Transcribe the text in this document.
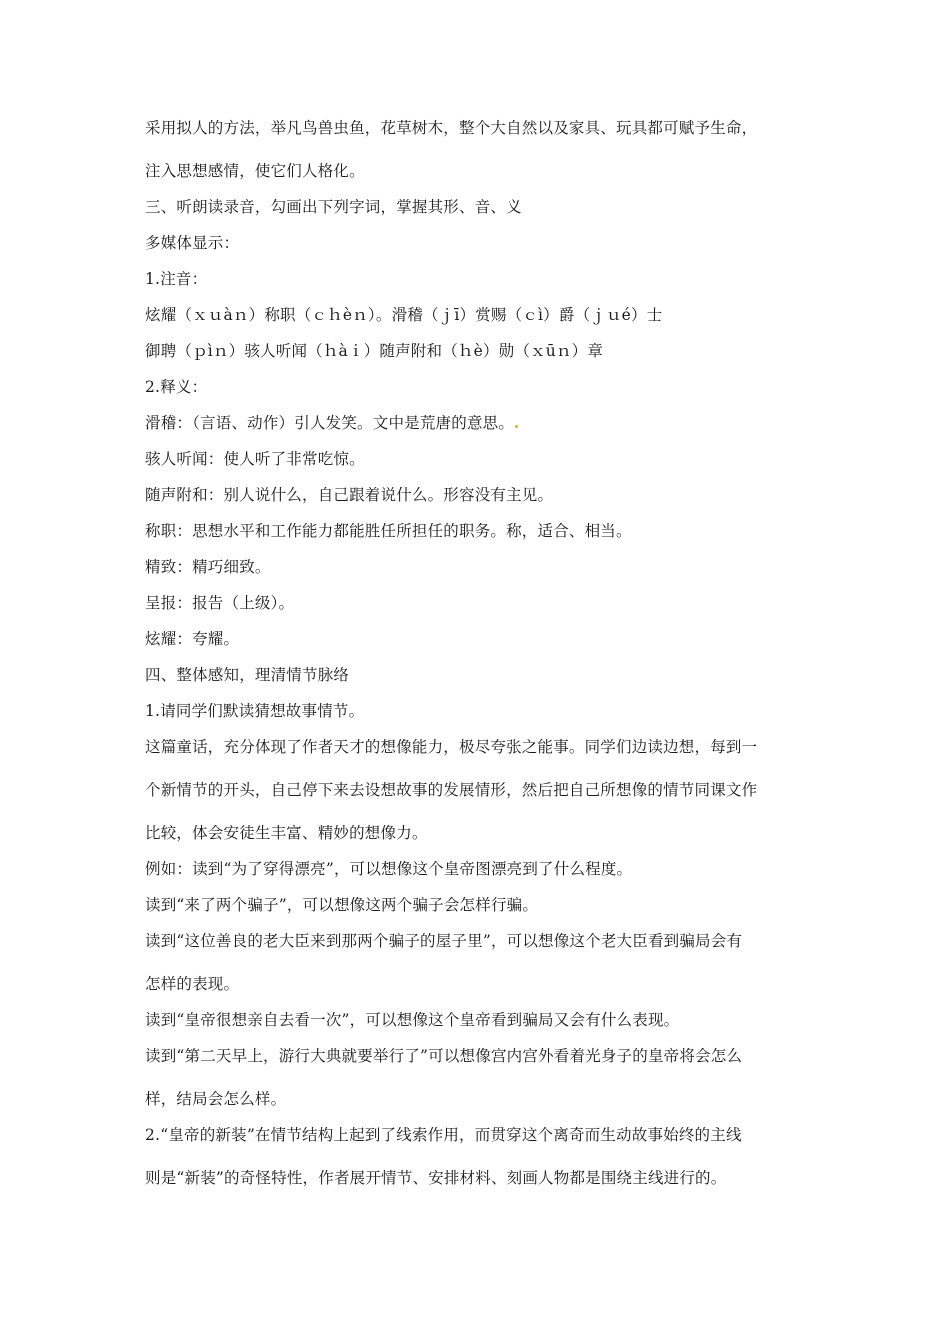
采用拟人的方法，举凡鸟兽虫鱼，花草树木，整个大自然以及家具、玩具都可赋予生命，
注入思想感情，使它们人格化。
三、听朗读录音，勾画出下列字词，掌握其形、音、义
多媒体显示：
1.注音：
炫耀（ｘｕàｎ）称职（ｃｈèｎ）。滑稽（ｊī）赏赐（ｃì）爵（ｊｕé）士
御聘（ｐìｎ）骇人听闻（ｈàｉ）随声附和（ｈè）勋（ｘūｎ）章
2.释义：
滑稽：（言语、动作）引人发笑。文中是荒唐的意思。
骇人听闻：使人听了非常吃惊。
随声附和：别人说什么，自己跟着说什么。形容没有主见。
称职：思想水平和工作能力都能胜任所担任的职务。称，适合、相当。
精致：精巧细致。
呈报：报告（上级）。
炫耀：夸耀。
四、整体感知，理清情节脉络
1.请同学们默读猜想故事情节。
这篇童话，充分体现了作者天才的想像能力，极尽夸张之能事。同学们边读边想，每到一
个新情节的开头，自己停下来去设想故事的发展情形，然后把自己所想像的情节同课文作
比较，体会安徒生丰富、精妙的想像力。
例如：读到“为了穿得漂亮”，可以想像这个皇帝图漂亮到了什么程度。
读到“来了两个骗子”，可以想像这两个骗子会怎样行骗。
读到“这位善良的老大臣来到那两个骗子的屋子里”，可以想像这个老大臣看到骗局会有
怎样的表现。
读到“皇帝很想亲自去看一次”，可以想像这个皇帝看到骗局又会有什么表现。
读到“第二天早上，游行大典就要举行了”可以想像宫内宫外看着光身子的皇帝将会怎么
样，结局会怎么样。
2.“皇帝的新装”在情节结构上起到了线索作用，而贯穿这个离奇而生动故事始终的主线
则是“新装”的奇怪特性，作者展开情节、安排材料、刻画人物都是围绕主线进行的。
